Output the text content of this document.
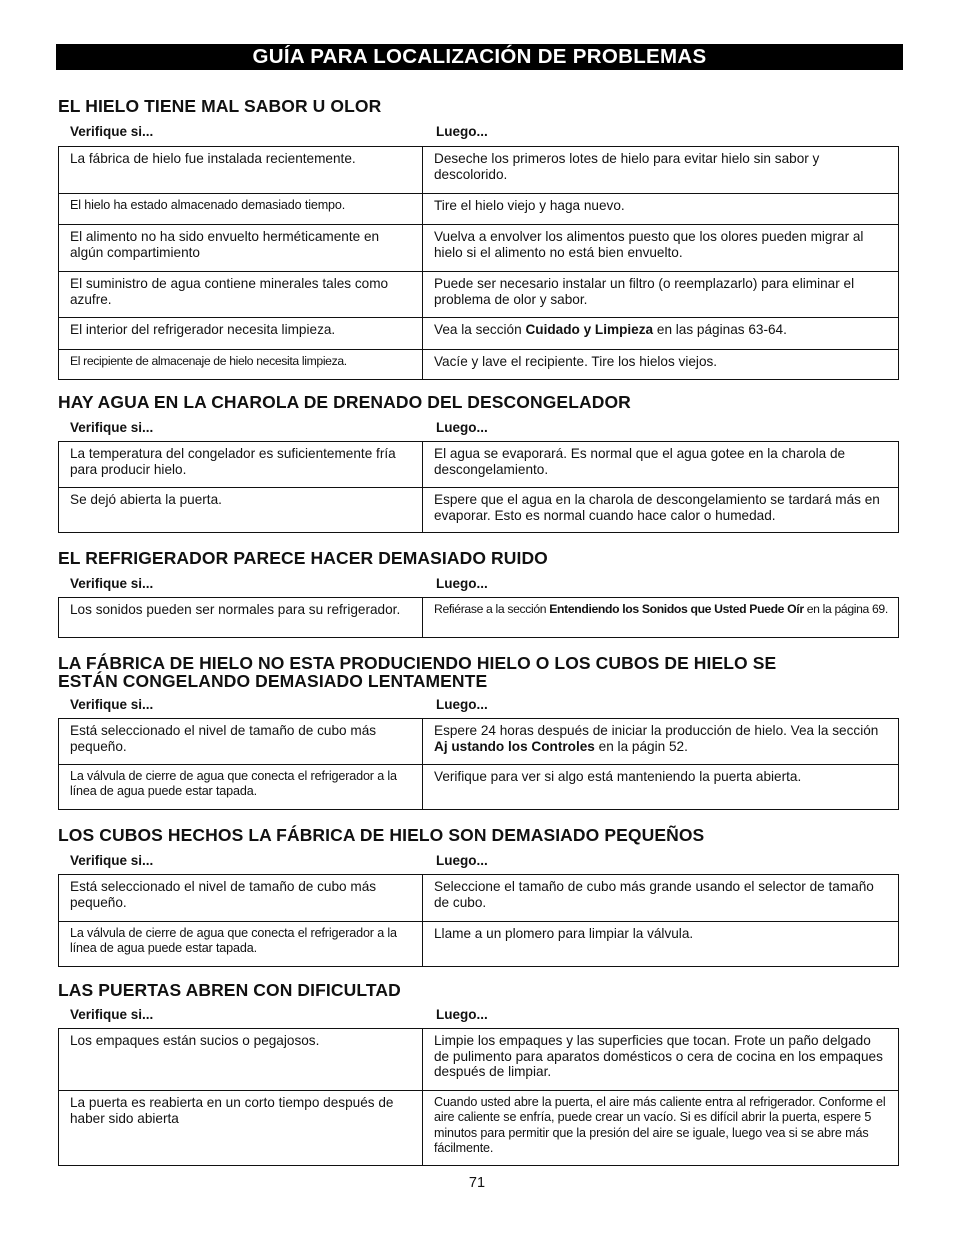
GUÍA PARA LOCALIZACIÓN DE PROBLEMAS
EL HIELO TIENE MAL SABOR U OLOR
Verifique si...	Luego...
La fábrica de hielo fue instalada recientemente.	Deseche los primeros lotes de hielo para evitar hielo sin sabor y descolorido.
El hielo ha estado almacenado demasiado tiempo.	Tire el hielo viejo y haga nuevo.
El alimento no ha sido envuelto herméticamente en algún compartimiento	Vuelva a envolver los alimentos puesto que los olores pueden migrar al hielo si el alimento no está bien envuelto.
El suministro de agua contiene minerales tales como azufre.	Puede ser necesario instalar un filtro (o reemplazarlo) para eliminar el problema de olor y sabor.
El interior del refrigerador necesita limpieza.	Vea la sección Cuidado y Limpieza en las páginas 63-64.
El recipiente de almacenaje de hielo necesita limpieza.	Vacíe y lave el recipiente. Tire los hielos viejos.
HAY AGUA EN LA CHAROLA DE DRENADO DEL DESCONGELADOR
Verifique si...	Luego...
La temperatura del congelador es suficientemente fría para producir hielo.	El agua se evaporará. Es normal que el agua gotee en la charola de descongelamiento.
Se dejó abierta la puerta.	Espere que el agua en la charola de descongelamiento se tardará más en evaporar. Esto es normal cuando hace calor o humedad.
EL REFRIGERADOR PARECE HACER DEMASIADO RUIDO
Verifique si...	Luego...
Los sonidos pueden ser normales para su refrigerador.	Refiérase a la sección Entendiendo los Sonidos que Usted Puede Oír en la página 69.
LA FÁBRICA DE HIELO NO ESTA PRODUCIENDO HIELO O LOS CUBOS DE HIELO SE
ESTÁN CONGELANDO DEMASIADO LENTAMENTE
Verifique si...	Luego...
Está seleccionado el nivel de tamaño de cubo más pequeño.	Espere 24 horas después de iniciar la producción de hielo. Vea la sección Aj ustando los Controles en la págin 52.
La válvula de cierre de agua que conecta el refrigerador a la línea de agua puede estar tapada.	Verifique para ver si algo está manteniendo la puerta abierta.
LOS CUBOS HECHOS LA FÁBRICA DE HIELO SON DEMASIADO PEQUEÑOS
Verifique si...	Luego...
Está seleccionado el nivel de tamaño de cubo más pequeño.	Seleccione el tamaño de cubo más grande usando el selector de tamaño de cubo.
La válvula de cierre de agua que conecta el refrigerador a la línea de agua puede estar tapada.	Llame a un plomero para limpiar la válvula.
LAS PUERTAS ABREN CON DIFICULTAD
Verifique si...	Luego...
Los empaques están sucios o pegajosos.	Limpie los empaques y las superficies que tocan. Frote un paño delgado de pulimento para aparatos domésticos o cera de cocina en los empaques después de limpiar.
La puerta es reabierta en un corto tiempo después de haber sido abierta	Cuando usted abre la puerta, el aire más caliente entra al refrigerador. Conforme el aire caliente se enfría, puede crear un vacío. Si es difícil abrir la puerta, espere 5 minutos para permitir que la presión del aire se iguale, luego vea si se abre más fácilmente.
71
